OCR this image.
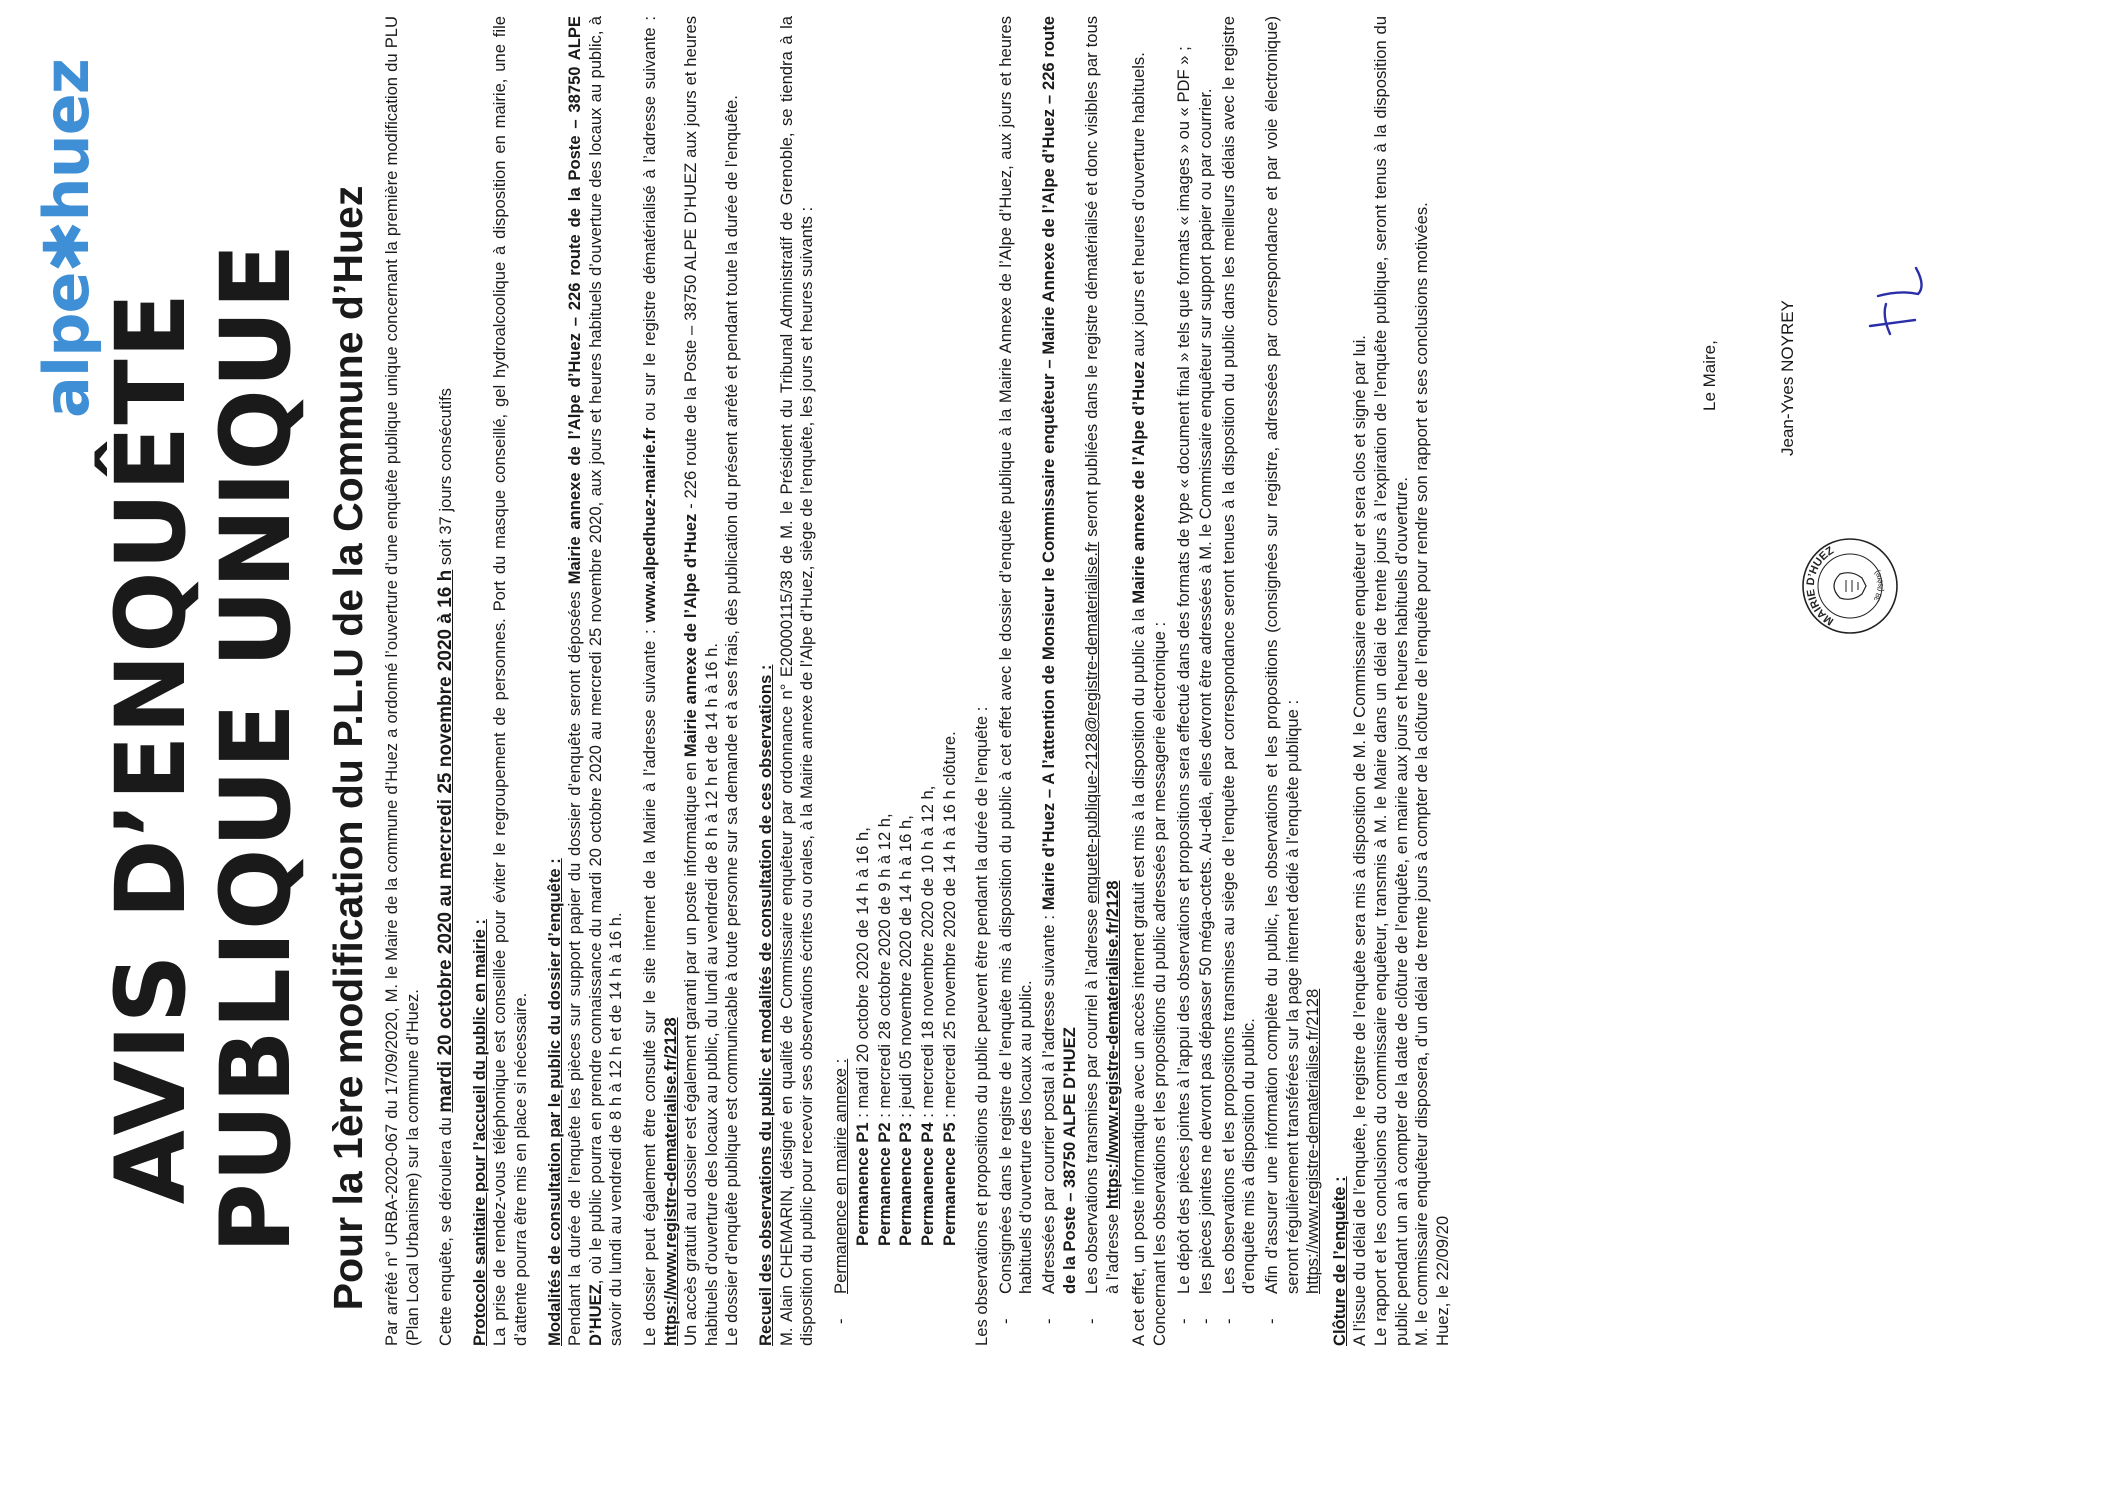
alpe✱huez
AVIS D’ENQUÊTE
PUBLIQUE UNIQUE Pour la 1ère modification du P.L.U de la Commune d’Huez Par arrêté n° URBA-2020-067 du 17/09/2020, M. le Maire de la commune d’Huez a ordonné l’ouverture d’une enquête publique unique concernant la première modification du PLU (Plan Local Urbanisme) sur la commune d’Huez. Cette enquête, se déroulera du mardi 20 octobre 2020 au mercredi 25 novembre 2020 à 16 h soit 37 jours consécutifs

Protocole sanitaire pour l’accueil du public en mairie :
La prise de rendez-vous téléphonique est conseillée pour éviter le regroupement de personnes. Port du masque conseillé, gel hydroalcoolique à disposition en mairie, une file d’attente pourra être mis en place si nécessaire. Modalités de consultation par le public du dossier d’enquête :
Pendant la durée de l’enquête les pièces sur support papier du dossier d’enquête seront déposées Mairie annexe de l’Alpe d’Huez – 226 route de la Poste – 38750 ALPE D’HUEZ, où le public pourra en prendre connaissance du mardi 20 octobre 2020 au mercredi 25 novembre 2020, aux jours et heures habituels d’ouverture des locaux au public, à savoir du lundi au vendredi de 8 h à 12 h et de 14 h à 16 h. Le dossier peut également être consulté sur le site internet de la Mairie à l’adresse suivante : www.alpedhuez-mairie.fr ou sur le registre dématérialisé à l’adresse suivante : https://www.registre-dematerialise.fr/2128
Un accès gratuit au dossier est également garanti par un poste informatique en Mairie annexe de l’Alpe d’Huez - 226 route de la Poste – 38750 ALPE D’HUEZ aux jours et heures habituels d’ouverture des locaux au public, du lundi au vendredi de 8 h à 12 h et de 14 h à 16 h.
Le dossier d’enquête publique est communicable à toute personne sur sa demande et à ses frais, dès publication du présent arrêté et pendant toute la durée de l’enquête. Recueil des observations du public et modalités de consultation de ces observations :
M. Alain CHEMARIN, désigné en qualité de Commissaire enquêteur par ordonnance n° E20000115/38 de M. le Président du Tribunal Administratif de Grenoble, se tiendra à la disposition du public pour recevoir ses observations écrites ou orales, à la Mairie annexe de l’Alpe d’Huez, siège de l’enquête, les jours et heures suivants : - Permanence en mairie annexe : Permanence P1 : mardi 20 octobre 2020 de 14 h à 16 h,
Permanence P2 : mercredi 28 octobre 2020 de 9 h à 12 h,
Permanence P3 : jeudi 05 novembre 2020 de 14 h à 16 h,
Permanence P4 : mercredi 18 novembre 2020 de 10 h à 12 h,
Permanence P5 : mercredi 25 novembre 2020 de 14 h à 16 h clôture. Les observations et propositions du public peuvent être pendant la durée de l’enquête : - Consignées dans le registre de l’enquête mis à disposition du public à cet effet avec le dossier d’enquête publique à la Mairie Annexe de l’Alpe d’Huez, aux jours et heures habituels d’ouverture des locaux au public. - Adressées par courrier postal à l’adresse suivante : Mairie d’Huez – A l’attention de Monsieur le Commissaire enquêteur – Mairie Annexe de l’Alpe d’Huez – 226 route de la Poste – 38750 ALPE D’HUEZ - Les observations transmises par courriel à l’adresse enquete-publique-2128@registre-dematerialise.fr seront publiées dans le registre dématérialisé et donc visibles par tous à l’adresse https://www.registre-dematerialise.fr/2128 A cet effet, un poste informatique avec un accès internet gratuit est mis à la disposition du public à la Mairie annexe de l’Alpe d’Huez aux jours et heures d’ouverture habituels.
Concernant les observations et les propositions du public adressées par messagerie électronique : - Le dépôt des pièces jointes à l’appui des observations et propositions sera effectué dans des formats de type « document final » tels que formats « images » ou « PDF » ; - les pièces jointes ne devront pas dépasser 50 méga-octets. Au-delà, elles devront être adressées à M. le Commissaire enquêteur sur support papier ou par courrier. - Les observations et les propositions transmises au siège de l’enquête par correspondance seront tenues à la disposition du public dans les meilleurs délais avec le registre d’enquête mis à disposition du public. - Afin d’assurer une information complète du public, les observations et les propositions (consignées sur registre, adressées par correspondance et par voie électronique) seront régulièrement transférées sur la page internet dédié à l’enquête publique :
https://www.registre-dematerialise.fr/2128 Clôture de l’enquête :
A l’issue du délai de l’enquête, le registre de l’enquête sera mis à disposition de M. le Commissaire enquêteur et sera clos et signé par lui.
Le rapport et les conclusions du commissaire enquêteur, transmis à M. le Maire dans un délai de trente jours à l’expiration de l’enquête publique, seront tenus à la disposition du public pendant un an à compter de la date de clôture de l’enquête, en mairie aux jours et heures habituels d’ouverture.
M. le commissaire enquêteur disposera, d’un délai de trente jours à compter de la clôture de l’enquête pour rendre son rapport et ses conclusions motivées.
Huez, le 22/09/20

Le Maire,	Jean-Yves NOYREY
MAIRIE D’HUEZ
38 (Isère)
